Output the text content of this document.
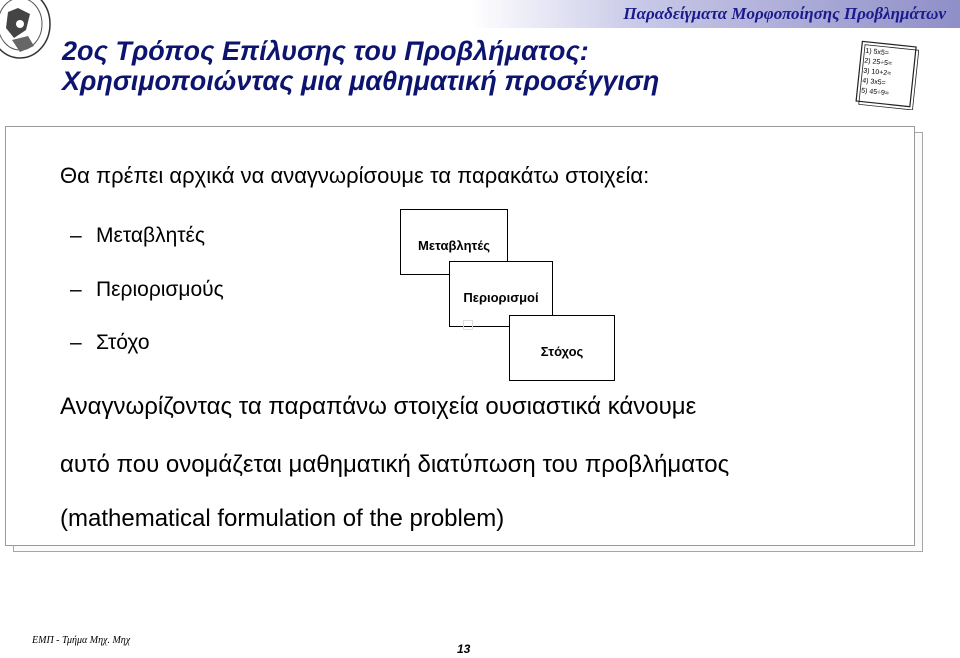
Παραδείγματα Μορφοποίησης Προβλημάτων
2ος Τρόπος Επίλυσης του Προβλήματος:
Χρησιμοποιώντας μια μαθηματική προσέγγιση
1) 5x5=
2) 25÷5=
3) 10+2=
4) 3x5=
5) 45÷9=
Θα πρέπει αρχικά να αναγνωρίσουμε τα παρακάτω στοιχεία:
– Μεταβλητές
– Περιορισμούς
– Στόχο
Μεταβλητές
Περιορισμοί
Στόχος
Αναγνωρίζοντας τα παραπάνω στοιχεία ουσιαστικά κάνουμε
αυτό που ονομάζεται μαθηματική διατύπωση του προβλήματος
(mathematical formulation of the problem)
ΕΜΠ - Τμήμα Μηχ. Μηχ
13
